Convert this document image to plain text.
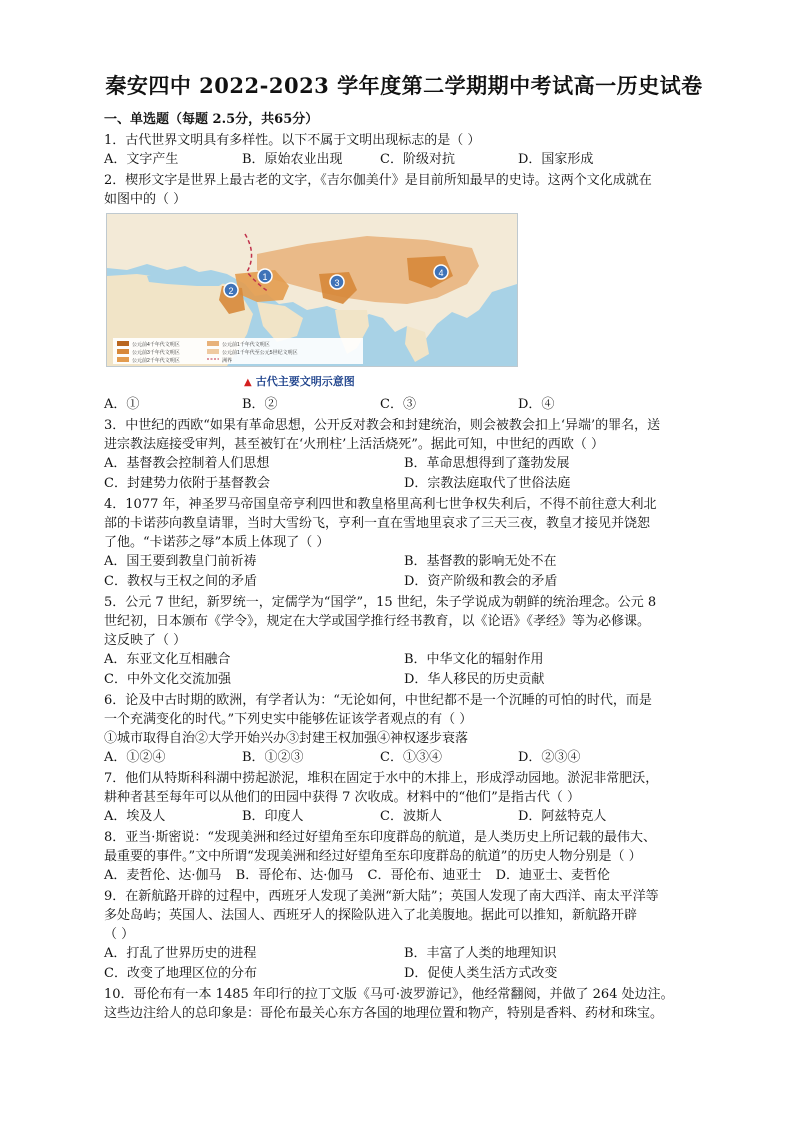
秦安四中 2022-2023 学年度第二学期期中考试高一历史试卷
一、单选题（每题 2.5分，共65分）
1．古代世界文明具有多样性。以下不属于文明出现标志的是（ ）
A．文字产生	B．原始农业出现	C．阶级对抗	D．国家形成
2．楔形文字是世界上最古老的文字，《吉尔伽美什》是目前所知最早的史诗。这两个文化成就在
如图中的（ ）
1
2
3
4
公元前4千年代文明区
公元前3千年代文明区
公元前2千年代文明区
公元前1千年代文明区
公元前1千年代至公元5世纪文明区
洲界
▲ 古代主要文明示意图
A．①	B．②	C．③	D．④
3．中世纪的西欧“如果有革命思想，公开反对教会和封建统治，则会被教会扣上‘异端’的罪名，送
进宗教法庭接受审判，甚至被钉在‘火刑柱’上活活烧死”。据此可知，中世纪的西欧（ ）
A．基督教会控制着人们思想	B．革命思想得到了蓬勃发展
C．封建势力依附于基督教会	D．宗教法庭取代了世俗法庭
4．1077 年，神圣罗马帝国皇帝亨利四世和教皇格里高利七世争权失利后，不得不前往意大利北
部的卡诺莎向教皇请罪，当时大雪纷飞，亨利一直在雪地里哀求了三天三夜，教皇才接见并饶恕
了他。“卡诺莎之辱”本质上体现了（ ）
A．国王要到教皇门前祈祷	B．基督教的影响无处不在
C．教权与王权之间的矛盾	D．资产阶级和教会的矛盾
5．公元 7 世纪，新罗统一，定儒学为“国学”，15 世纪，朱子学说成为朝鲜的统治理念。公元 8
世纪初，日本颁布《学令》，规定在大学或国学推行经书教育，以《论语》《孝经》等为必修课。
这反映了（ ）
A．东亚文化互相融合	B．中华文化的辐射作用
C．中外文化交流加强	D．华人移民的历史贡献
6．论及中古时期的欧洲，有学者认为：“无论如何，中世纪都不是一个沉睡的可怕的时代，而是
一个充满变化的时代。”下列史实中能够佐证该学者观点的有（ ）
①城市取得自治②大学开始兴办③封建王权加强④神权逐步衰落
A．①②④	B．①②③	C．①③④	D．②③④
7．他们从特斯科科湖中捞起淤泥，堆积在固定于水中的木排上，形成浮动园地。淤泥非常肥沃，
耕种者甚至每年可以从他们的田园中获得 7 次收成。材料中的“他们”是指古代（ ）
A．埃及人	B．印度人	C．波斯人	D．阿兹特克人
8．亚当·斯密说：“发现美洲和经过好望角至东印度群岛的航道，是人类历史上所记载的最伟大、
最重要的事件。”文中所谓“发现美洲和经过好望角至东印度群岛的航道”的历史人物分别是（ ）
A．麦哲伦、达·伽马 B．哥伦布、达·伽马 C．哥伦布、迪亚士 D．迪亚士、麦哲伦
9．在新航路开辟的过程中，西班牙人发现了美洲“新大陆”；英国人发现了南大西洋、南太平洋等
多处岛屿；英国人、法国人、西班牙人的探险队进入了北美腹地。据此可以推知，新航路开辟
（ ）
A．打乱了世界历史的进程	B．丰富了人类的地理知识
C．改变了地理区位的分布	D．促使人类生活方式改变
10．哥伦布有一本 1485 年印行的拉丁文版《马可·波罗游记》，他经常翻阅，并做了 264 处边注。
这些边注给人的总印象是：哥伦布最关心东方各国的地理位置和物产，特别是香料、药材和珠宝。
